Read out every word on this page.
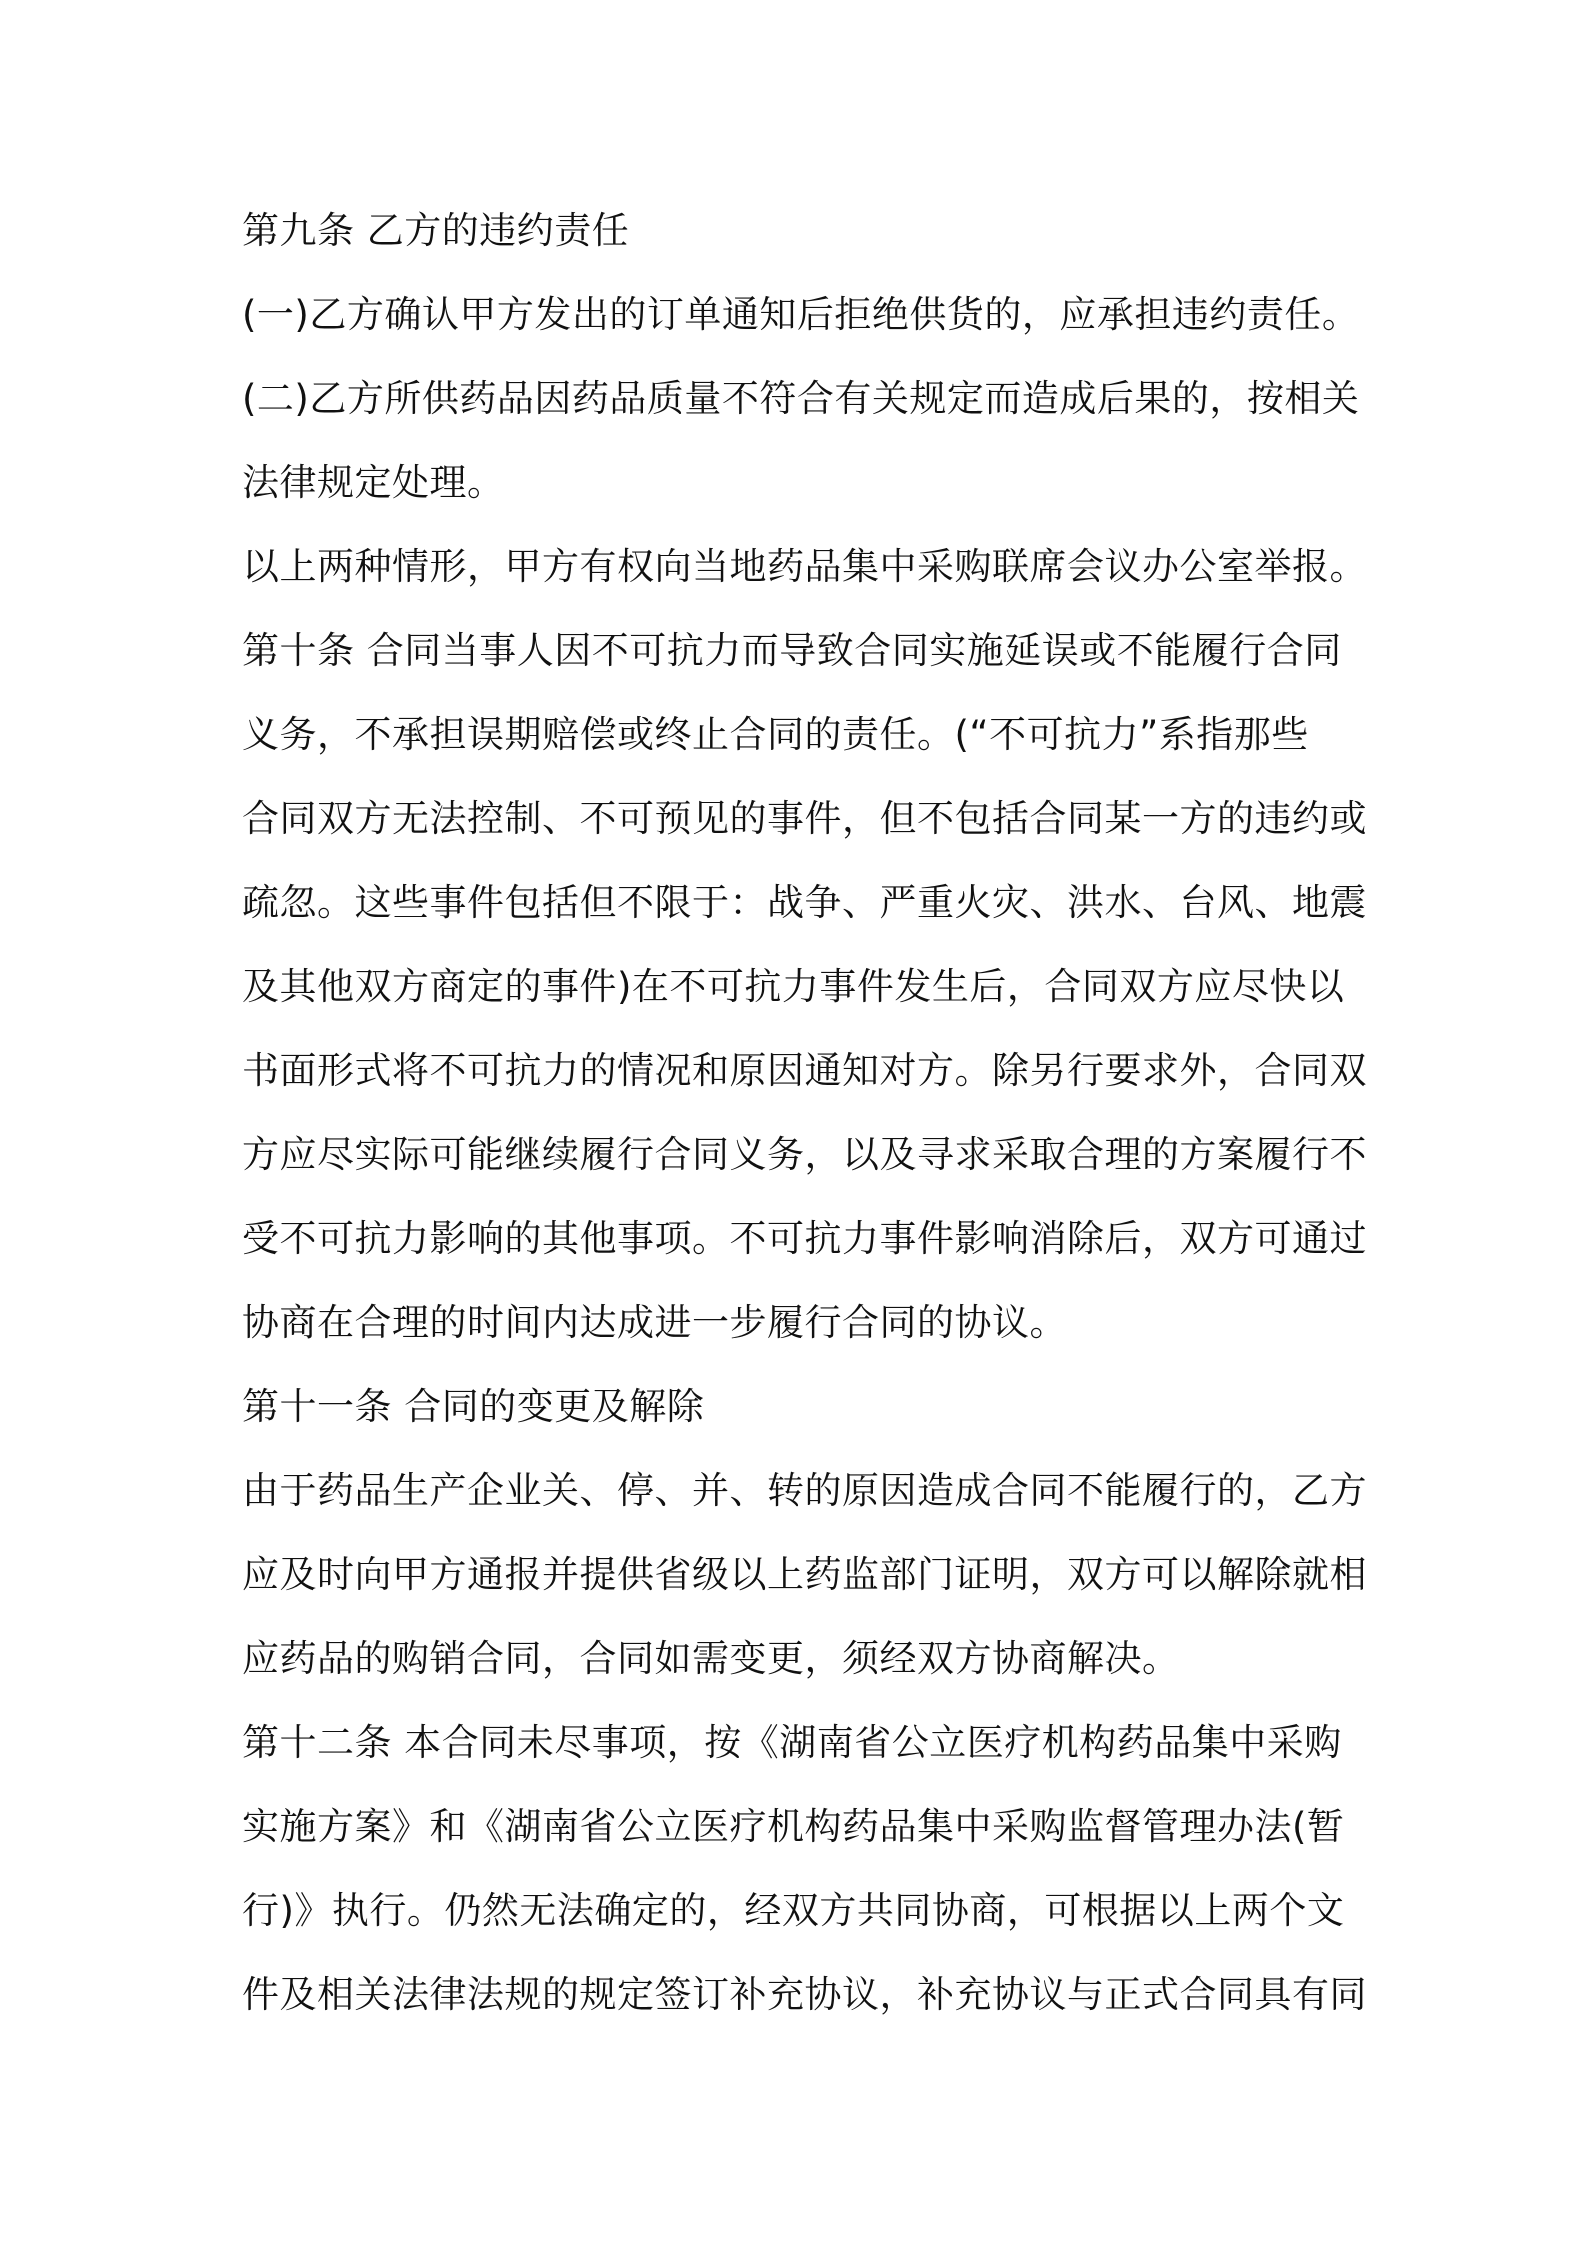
第九条 乙方的违约责任
(一)乙方确认甲方发出的订单通知后拒绝供货的，应承担违约责任。
(二)乙方所供药品因药品质量不符合有关规定而造成后果的，按相关
法律规定处理。
以上两种情形，甲方有权向当地药品集中采购联席会议办公室举报。
第十条 合同当事人因不可抗力而导致合同实施延误或不能履行合同
义务，不承担误期赔偿或终止合同的责任。(“不可抗力”系指那些
合同双方无法控制、不可预见的事件，但不包括合同某一方的违约或
疏忽。这些事件包括但不限于：战争、严重火灾、洪水、台风、地震
及其他双方商定的事件)在不可抗力事件发生后，合同双方应尽快以
书面形式将不可抗力的情况和原因通知对方。除另行要求外，合同双
方应尽实际可能继续履行合同义务，以及寻求采取合理的方案履行不
受不可抗力影响的其他事项。不可抗力事件影响消除后，双方可通过
协商在合理的时间内达成进一步履行合同的协议。
第十一条 合同的变更及解除
由于药品生产企业关、停、并、转的原因造成合同不能履行的，乙方
应及时向甲方通报并提供省级以上药监部门证明，双方可以解除就相
应药品的购销合同，合同如需变更，须经双方协商解决。
第十二条 本合同未尽事项，按《湖南省公立医疗机构药品集中采购
实施方案》和《湖南省公立医疗机构药品集中采购监督管理办法(暂
行)》执行。仍然无法确定的，经双方共同协商，可根据以上两个文
件及相关法律法规的规定签订补充协议，补充协议与正式合同具有同
